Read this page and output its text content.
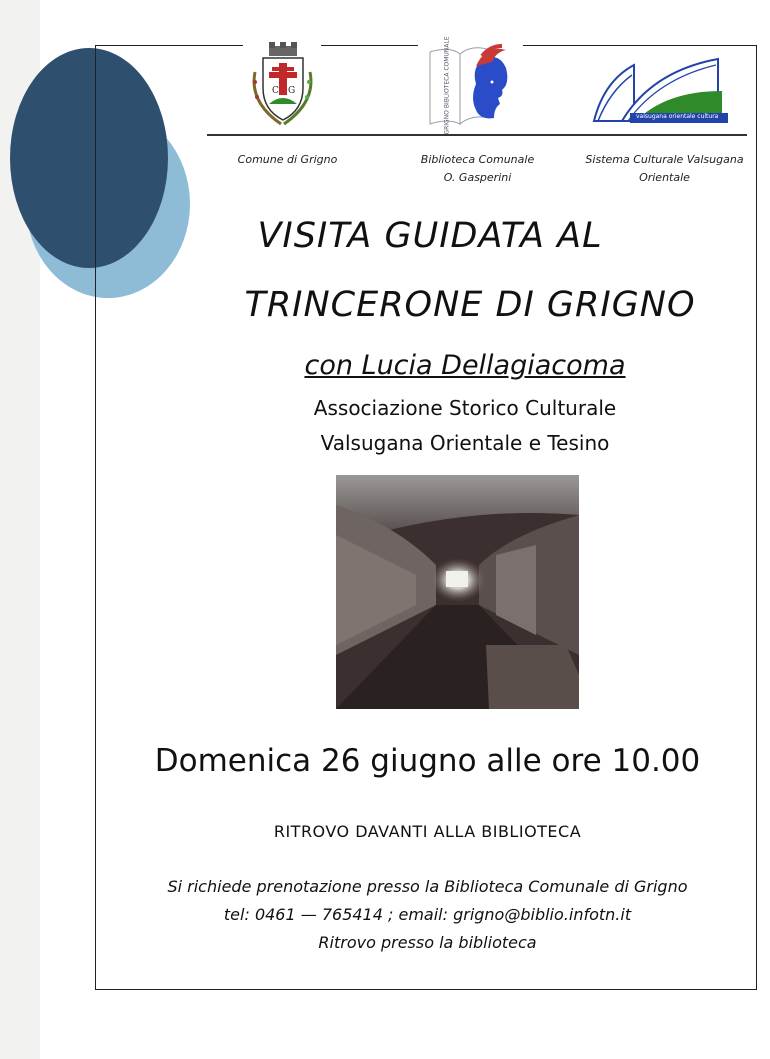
C G
GRIGNO BIBLIOTECA COMUNALE
valsugana orientale cultura
Comune di Grigno	Biblioteca Comunale
O. Gasperini
Sistema Culturale Valsugana
Orientale
VISITA GUIDATA AL
TRINCERONE DI GRIGNO
con Lucia Dellagiacoma
Associazione Storico Culturale
Valsugana Orientale e Tesino
Domenica 26 giugno alle ore 10.00
RITROVO DAVANTI ALLA BIBLIOTECA
Si richiede prenotazione presso la Biblioteca Comunale di Grigno
tel: 0461 — 765414 ; email: grigno@biblio.infotn.it
Ritrovo presso la biblioteca
